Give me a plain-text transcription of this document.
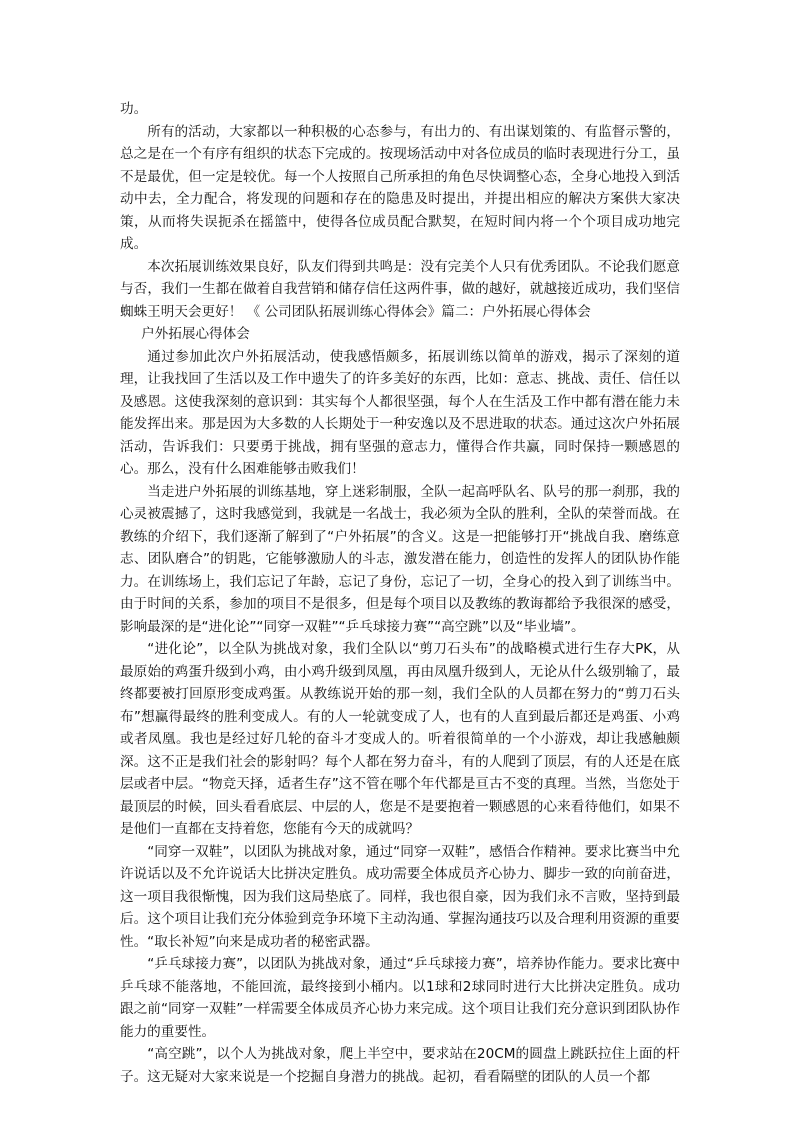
功。

所有的活动，大家都以一种积极的心态参与，有出力的、有出谋划策的、有监督示警的，总之是在一个有序有组织的状态下完成的。按现场活动中对各位成员的临时表现进行分工，虽不是最优，但一定是较优。每一个人按照自己所承担的角色尽快调整心态，全身心地投入到活动中去，全力配合，将发现的问题和存在的隐患及时提出，并提出相应的解决方案供大家决策，从而将失误扼杀在摇篮中，使得各位成员配合默契，在短时间内将一个个项目成功地完成。

本次拓展训练效果良好，队友们得到共鸣是：没有完美个人只有优秀团队。不论我们愿意与否，我们一生都在做着自我营销和储存信任这两件事，做的越好，就越接近成功，我们坚信蜘蛛王明天会更好！ 《 公司团队拓展训练心得体会》篇二：户外拓展心得体会

户外拓展心得体会

通过参加此次户外拓展活动，使我感悟颇多，拓展训练以简单的游戏，揭示了深刻的道理，让我找回了生活以及工作中遗失了的许多美好的东西，比如：意志、挑战、责任、信任以及感恩。这使我深刻的意识到：其实每个人都很坚强，每个人在生活及工作中都有潜在能力未能发挥出来。那是因为大多数的人长期处于一种安逸以及不思进取的状态。通过这次户外拓展活动，告诉我们：只要勇于挑战，拥有坚强的意志力，懂得合作共赢，同时保持一颗感恩的心。那么，没有什么困难能够击败我们！

当走进户外拓展的训练基地，穿上迷彩制服，全队一起高呼队名、队号的那一刹那，我的心灵被震撼了，这时我感觉到，我就是一名战士，我必须为全队的胜利，全队的荣誉而战。在教练的介绍下，我们逐渐了解到了“户外拓展”的含义。这是一把能够打开“挑战自我、磨练意志、团队磨合”的钥匙，它能够激励人的斗志，激发潜在能力，创造性的发挥人的团队协作能力。在训练场上，我们忘记了年龄，忘记了身份，忘记了一切，全身心的投入到了训练当中。由于时间的关系，参加的项目不是很多，但是每个项目以及教练的教诲都给予我很深的感受，影响最深的是“进化论”“同穿一双鞋”“乒乓球接力赛”“高空跳”以及“毕业墙”。

“进化论”，以全队为挑战对象，我们全队以“剪刀石头布”的战略模式进行生存大PK，从最原始的鸡蛋升级到小鸡，由小鸡升级到凤凰，再由凤凰升级到人，无论从什么级别输了，最终都要被打回原形变成鸡蛋。从教练说开始的那一刻，我们全队的人员都在努力的“剪刀石头布”想赢得最终的胜利变成人。有的人一轮就变成了人，也有的人直到最后都还是鸡蛋、小鸡或者凤凰。我也是经过好几轮的奋斗才变成人的。听着很简单的一个小游戏，却让我感触颇深。这不正是我们社会的影射吗？每个人都在努力奋斗，有的人爬到了顶层，有的人还是在底层或者中层。“物竞天择，适者生存”这不管在哪个年代都是亘古不变的真理。当然，当您处于最顶层的时候，回头看看底层、中层的人，您是不是要抱着一颗感恩的心来看待他们，如果不是他们一直都在支持着您，您能有今天的成就吗？

“同穿一双鞋”，以团队为挑战对象，通过“同穿一双鞋”，感悟合作精神。要求比赛当中允许说话以及不允许说话大比拼决定胜负。成功需要全体成员齐心协力、脚步一致的向前奋进，这一项目我很惭愧，因为我们这局垫底了。同样，我也很自豪，因为我们永不言败，坚持到最后。这个项目让我们充分体验到竞争环境下主动沟通、掌握沟通技巧以及合理利用资源的重要性。“取长补短”向来是成功者的秘密武器。

“乒乓球接力赛”，以团队为挑战对象，通过“乒乓球接力赛”，培养协作能力。要求比赛中乒乓球不能落地，不能回流，最终接到小桶内。以1球和2球同时进行大比拼决定胜负。成功跟之前“同穿一双鞋”一样需要全体成员齐心协力来完成。这个项目让我们充分意识到团队协作能力的重要性。

“高空跳”，以个人为挑战对象，爬上半空中，要求站在20CM的圆盘上跳跃拉住上面的杆子。这无疑对大家来说是一个挖掘自身潜力的挑战。起初，看看隔壁的团队的人员一个都
